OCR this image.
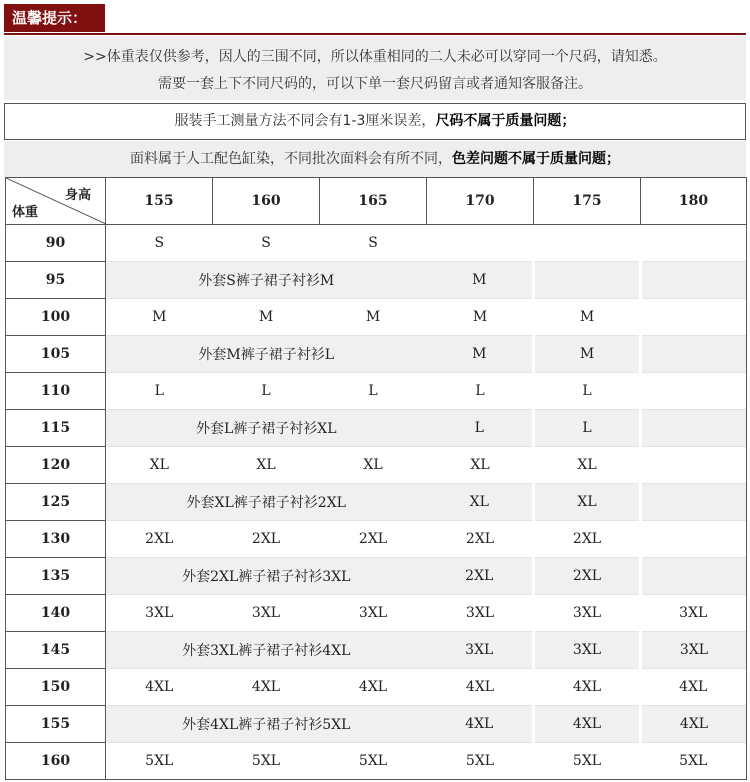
温馨提示：
>>体重表仅供参考，因人的三围不同，所以体重相同的二人未必可以穿同一个尺码，请知悉。
需要一套上下不同尺码的，可以下单一套尺码留言或者通知客服备注。
服装手工测量方法不同会有1-3厘米误差，尺码不属于质量问题；
面料属于人工配色缸染，不同批次面料会有所不同，色差问题不属于质量问题；
身高
体重	155	160	165	170	175	180
90	S	S	S			
95	外套S裤子裙子衬衫M			M		
100	M	M	M	M	M	
105	外套M裤子裙子衬衫L			M	M	
110	L	L	L	L	L	
115	外套L裤子裙子衬衫XL			L	L	
120	XL	XL	XL	XL	XL	
125	外套XL裤子裙子衬衫2XL			XL	XL	
130	2XL	2XL	2XL	2XL	2XL	
135	外套2XL裤子裙子衬衫3XL			2XL	2XL	
140	3XL	3XL	3XL	3XL	3XL	3XL
145	外套3XL裤子裙子衬衫4XL			3XL	3XL	3XL
150	4XL	4XL	4XL	4XL	4XL	4XL
155	外套4XL裤子裙子衬衫5XL			4XL	4XL	4XL
160	5XL	5XL	5XL	5XL	5XL	5XL
